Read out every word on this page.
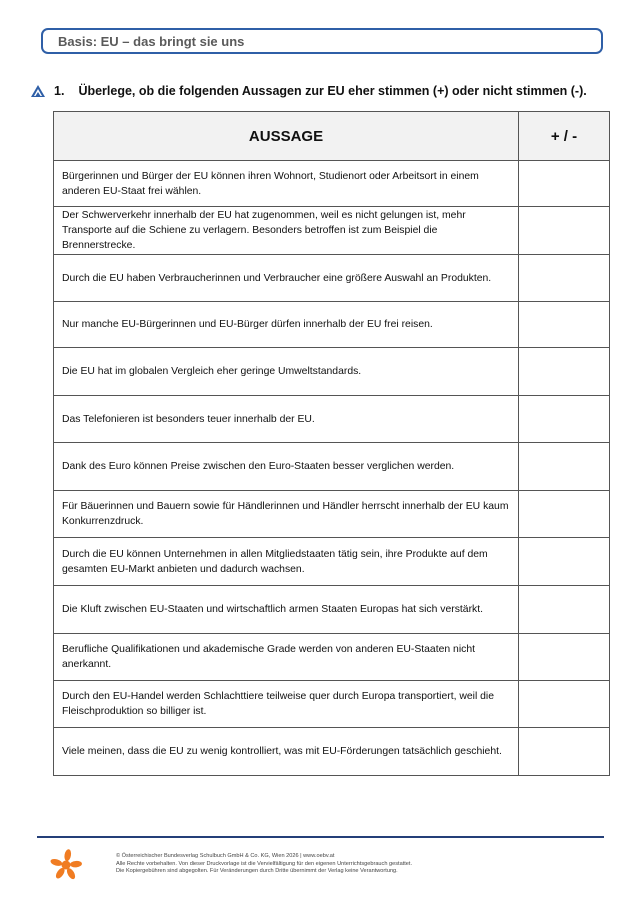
Basis: EU – das bringt sie uns
1. Überlege, ob die folgenden Aussagen zur EU eher stimmen (+) oder nicht stimmen (-).
AUSSAGE	+ / -
Bürgerinnen und Bürger der EU können ihren Wohnort, Studienort oder Arbeitsort in einem anderen EU-Staat frei wählen.	
Der Schwerverkehr innerhalb der EU hat zugenommen, weil es nicht gelungen ist, mehr Transporte auf die Schiene zu verlagern. Besonders betroffen ist zum Beispiel die Brennerstrecke.	
Durch die EU haben Verbraucherinnen und Verbraucher eine größere Auswahl an Produkten.	
Nur manche EU-Bürgerinnen und EU-Bürger dürfen innerhalb der EU frei reisen.	
Die EU hat im globalen Vergleich eher geringe Umweltstandards.	
Das Telefonieren ist besonders teuer innerhalb der EU.	
Dank des Euro können Preise zwischen den Euro-Staaten besser verglichen werden.	
Für Bäuerinnen und Bauern sowie für Händlerinnen und Händler herrscht innerhalb der EU kaum Konkurrenzdruck.	
Durch die EU können Unternehmen in allen Mitgliedstaaten tätig sein, ihre Produkte auf dem gesamten EU-Markt anbieten und dadurch wachsen.	
Die Kluft zwischen EU-Staaten und wirtschaftlich armen Staaten Europas hat sich verstärkt.	
Berufliche Qualifikationen und akademische Grade werden von anderen EU-Staaten nicht anerkannt.	
Durch den EU-Handel werden Schlachttiere teilweise quer durch Europa transportiert, weil die Fleischproduktion so billiger ist.	
Viele meinen, dass die EU zu wenig kontrolliert, was mit EU-Förderungen tatsächlich geschieht.	
© Österreichischer Bundesverlag Schulbuch GmbH & Co. KG, Wien 2026 | www.oebv.at
Alle Rechte vorbehalten. Von dieser Druckvorlage ist die Vervielfältigung für den eigenen Unterrichtsgebrauch gestattet.
Die Kopiergebühren sind abgegolten. Für Veränderungen durch Dritte übernimmt der Verlag keine Verantwortung.
